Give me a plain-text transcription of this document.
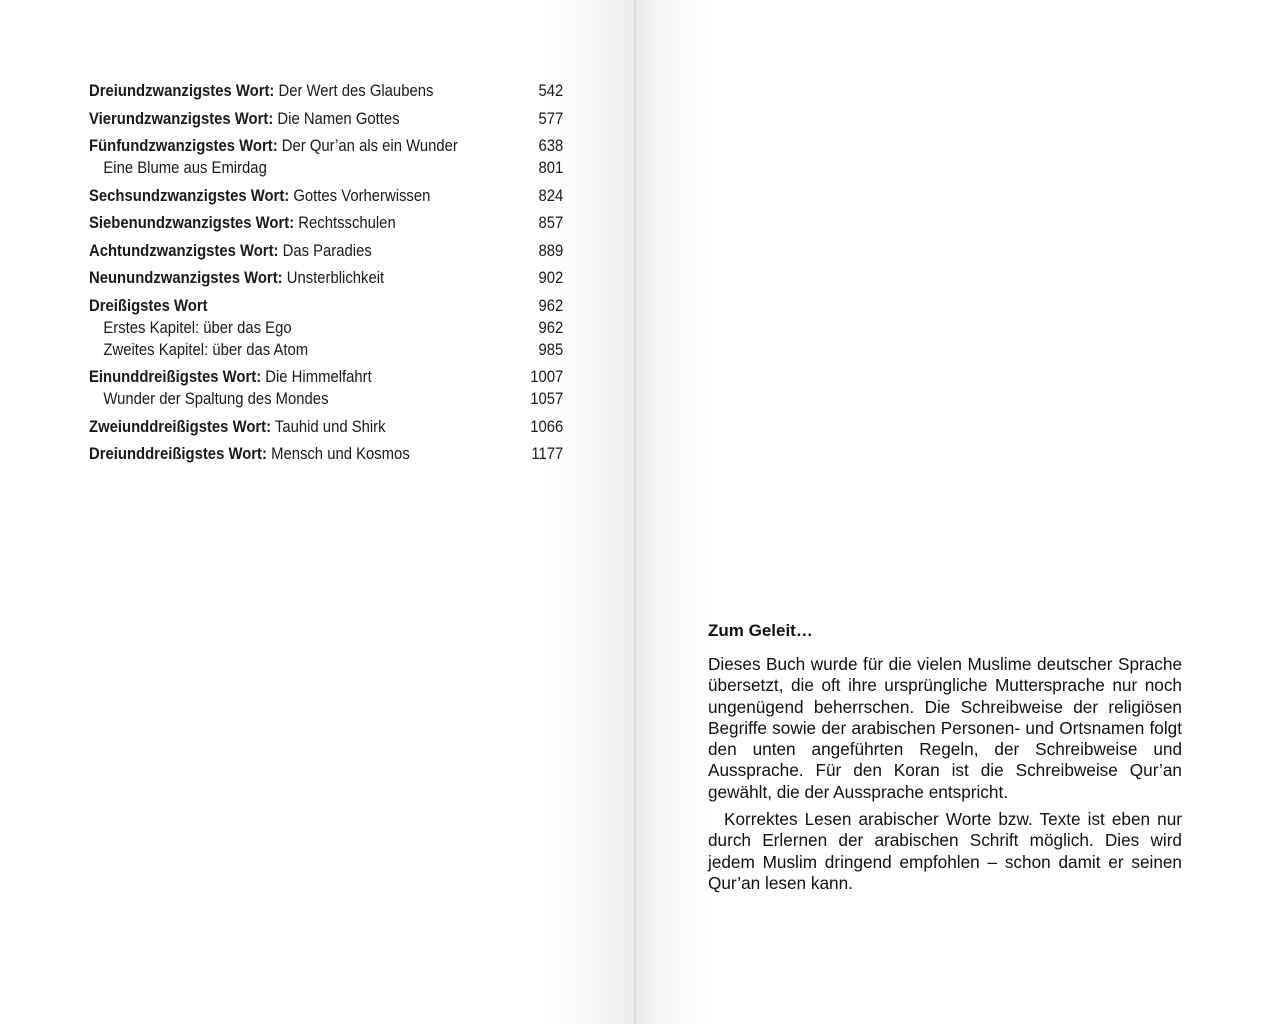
Dreiundzwanzigstes Wort: Der Wert des Glaubens	542
Vierundzwanzigstes Wort: Die Namen Gottes	577
Fünfundzwanzigstes Wort: Der Qur’an als ein Wunder	638
Eine Blume aus Emirdag	801
Sechsundzwanzigstes Wort: Gottes Vorherwissen	824
Siebenundzwanzigstes Wort: Rechtsschulen	857
Achtundzwanzigstes Wort: Das Paradies	889
Neunundzwanzigstes Wort: Unsterblichkeit	902
Dreißigstes Wort	962
Erstes Kapitel: über das Ego	962
Zweites Kapitel: über das Atom	985
Einunddreißigstes Wort: Die Himmelfahrt	1007
Wunder der Spaltung des Mondes	1057
Zweiunddreißigstes Wort: Tauhid und Shirk	1066
Dreiunddreißigstes Wort: Mensch und Kosmos	1177
Zum Geleit…

Dieses Buch wurde für die vielen Muslime deutscher Sprache übersetzt, die oft ihre ursprüngliche Muttersprache nur noch ungenügend beherrschen. Die Schreibweise der religiösen Begriffe sowie der arabischen Personen- und Ortsnamen folgt den unten angeführten Regeln, der Schreibweise und Aussprache. Für den Koran ist die Schreibweise Qur’an gewählt, die der Aussprache entspricht.

Korrektes Lesen arabischer Worte bzw. Texte ist eben nur durch Erlernen der arabischen Schrift möglich. Dies wird jedem Muslim dringend empfohlen – schon damit er seinen Qur’an lesen kann.
